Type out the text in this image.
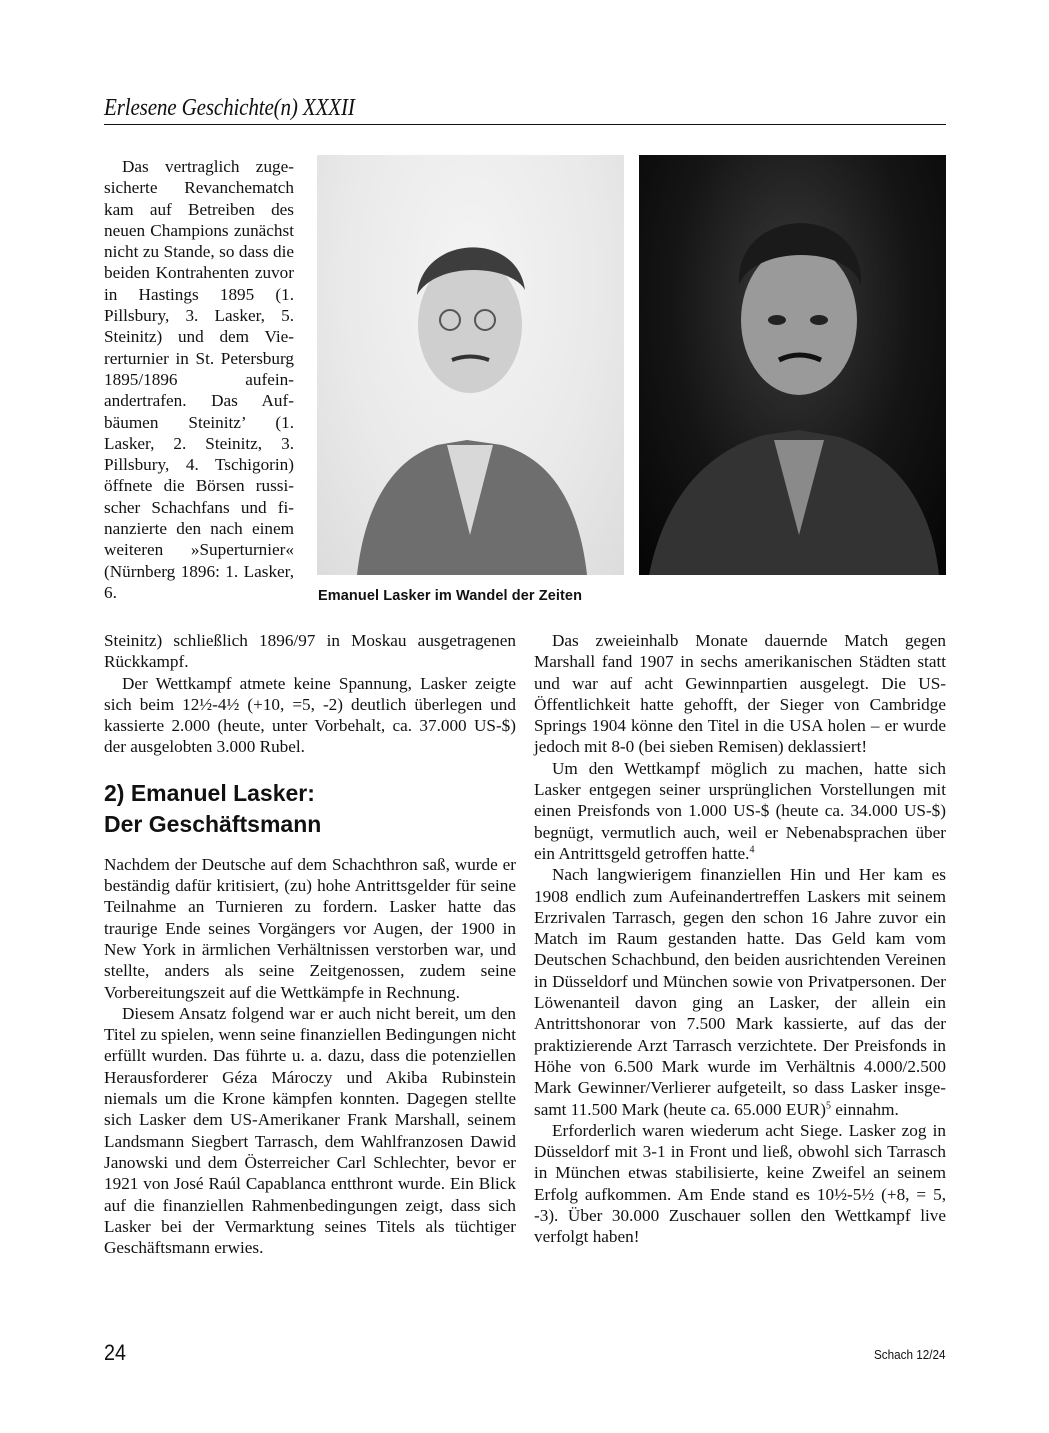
Erlesene Geschichte(n) XXXII

Das vertraglich zugesicherte Revanchematch kam auf Betreiben des neuen Champions zunächst nicht zu Stande, so dass die beiden Kontrahenten zuvor in Hastings 1895 (1. Pillsbury, 3. Lasker, 5. Steinitz) und dem Viererturnier in St. Petersburg 1895/1896 aufeinandertrafen. Das Aufbäumen Steinitz’ (1. Lasker, 2. Steinitz, 3. Pillsbury, 4. Tschigorin) öffnete die Börsen russischer Schachfans und finanzierte den nach einem weiteren »Superturnier« (Nürnberg 1896: 1. Lasker, 6.	Emanuel Lasker im Wandel der Zeiten

Steinitz) schließlich 1896/97 in Moskau ausgetragenen Rückkampf.

Der Wettkampf atmete keine Spannung, Lasker zeigte sich beim 12½-4½ (+10, =5, -2) deutlich überlegen und kassierte 2.000 (heute, unter Vorbehalt, ca. 37.000 US-$) der ausgelobten 3.000 Rubel.

2) Emanuel Lasker:
Der Geschäftsmann

Nachdem der Deutsche auf dem Schachthron saß, wurde er beständig dafür kritisiert, (zu) hohe Antrittsgelder für seine Teilnahme an Turnieren zu fordern. Lasker hatte das traurige Ende seines Vorgängers vor Augen, der 1900 in New York in ärmlichen Verhältnissen verstorben war, und stellte, anders als seine Zeitgenossen, zudem seine Vorbereitungszeit auf die Wettkämpfe in Rechnung.

Diesem Ansatz folgend war er auch nicht bereit, um den Titel zu spielen, wenn seine finanziellen Bedingungen nicht erfüllt wurden. Das führte u. a. dazu, dass die potenziellen Herausforderer Géza Mároczy und Akiba Rubinstein niemals um die Krone kämpfen konnten. Dagegen stellte sich Lasker dem US-Amerikaner Frank Marshall, seinem Landsmann Siegbert Tarrasch, dem Wahlfranzosen Dawid Janowski und dem Österreicher Carl Schlechter, bevor er 1921 von José Raúl Capablanca entthront wurde. Ein Blick auf die finanziellen Rahmenbedingungen zeigt, dass sich Lasker bei der Vermarktung seines Titels als tüchtiger Geschäftsmann erwies.

Das zweieinhalb Monate dauernde Match gegen Marshall fand 1907 in sechs amerikanischen Städten statt und war auf acht Gewinnpartien ausgelegt. Die US-Öffentlichkeit hatte gehofft, der Sieger von Cambridge Springs 1904 könne den Titel in die USA holen – er wurde jedoch mit 8-0 (bei sieben Remisen) deklassiert!

Um den Wettkampf möglich zu machen, hatte sich Lasker entgegen seiner ursprünglichen Vorstellungen mit einen Preisfonds von 1.000 US-$ (heute ca. 34.000 US-$) begnügt, vermutlich auch, weil er Nebenabsprachen über ein Antrittsgeld getroffen hatte.$^4$

Nach langwierigem finanziellen Hin und Her kam es 1908 endlich zum Aufeinandertreffen Laskers mit seinem Erzrivalen Tarrasch, gegen den schon 16 Jahre zuvor ein Match im Raum gestanden hatte. Das Geld kam vom Deutschen Schachbund, den beiden ausrichtenden Vereinen in Düsseldorf und München sowie von Privatpersonen. Der Löwenanteil davon ging an Lasker, der allein ein Antrittshonorar von 7.500 Mark kassierte, auf das der praktizierende Arzt Tarrasch verzichtete. Der Preisfonds in Höhe von 6.500 Mark wurde im Verhältnis 4.000/2.500 Mark Gewinner/Verlierer aufgeteilt, so dass Lasker insgesamt 11.500 Mark (heute ca. 65.000 EUR)$^5$ einnahm.

Erforderlich waren wiederum acht Siege. Lasker zog in Düsseldorf mit 3-1 in Front und ließ, obwohl sich Tarrasch in München etwas stabilisierte, keine Zweifel an seinem Erfolg aufkommen. Am Ende stand es 10½-5½ (+8, = 5, -3). Über 30.000 Zuschauer sollen den Wettkampf live verfolgt haben!

24	Schach 12/24
